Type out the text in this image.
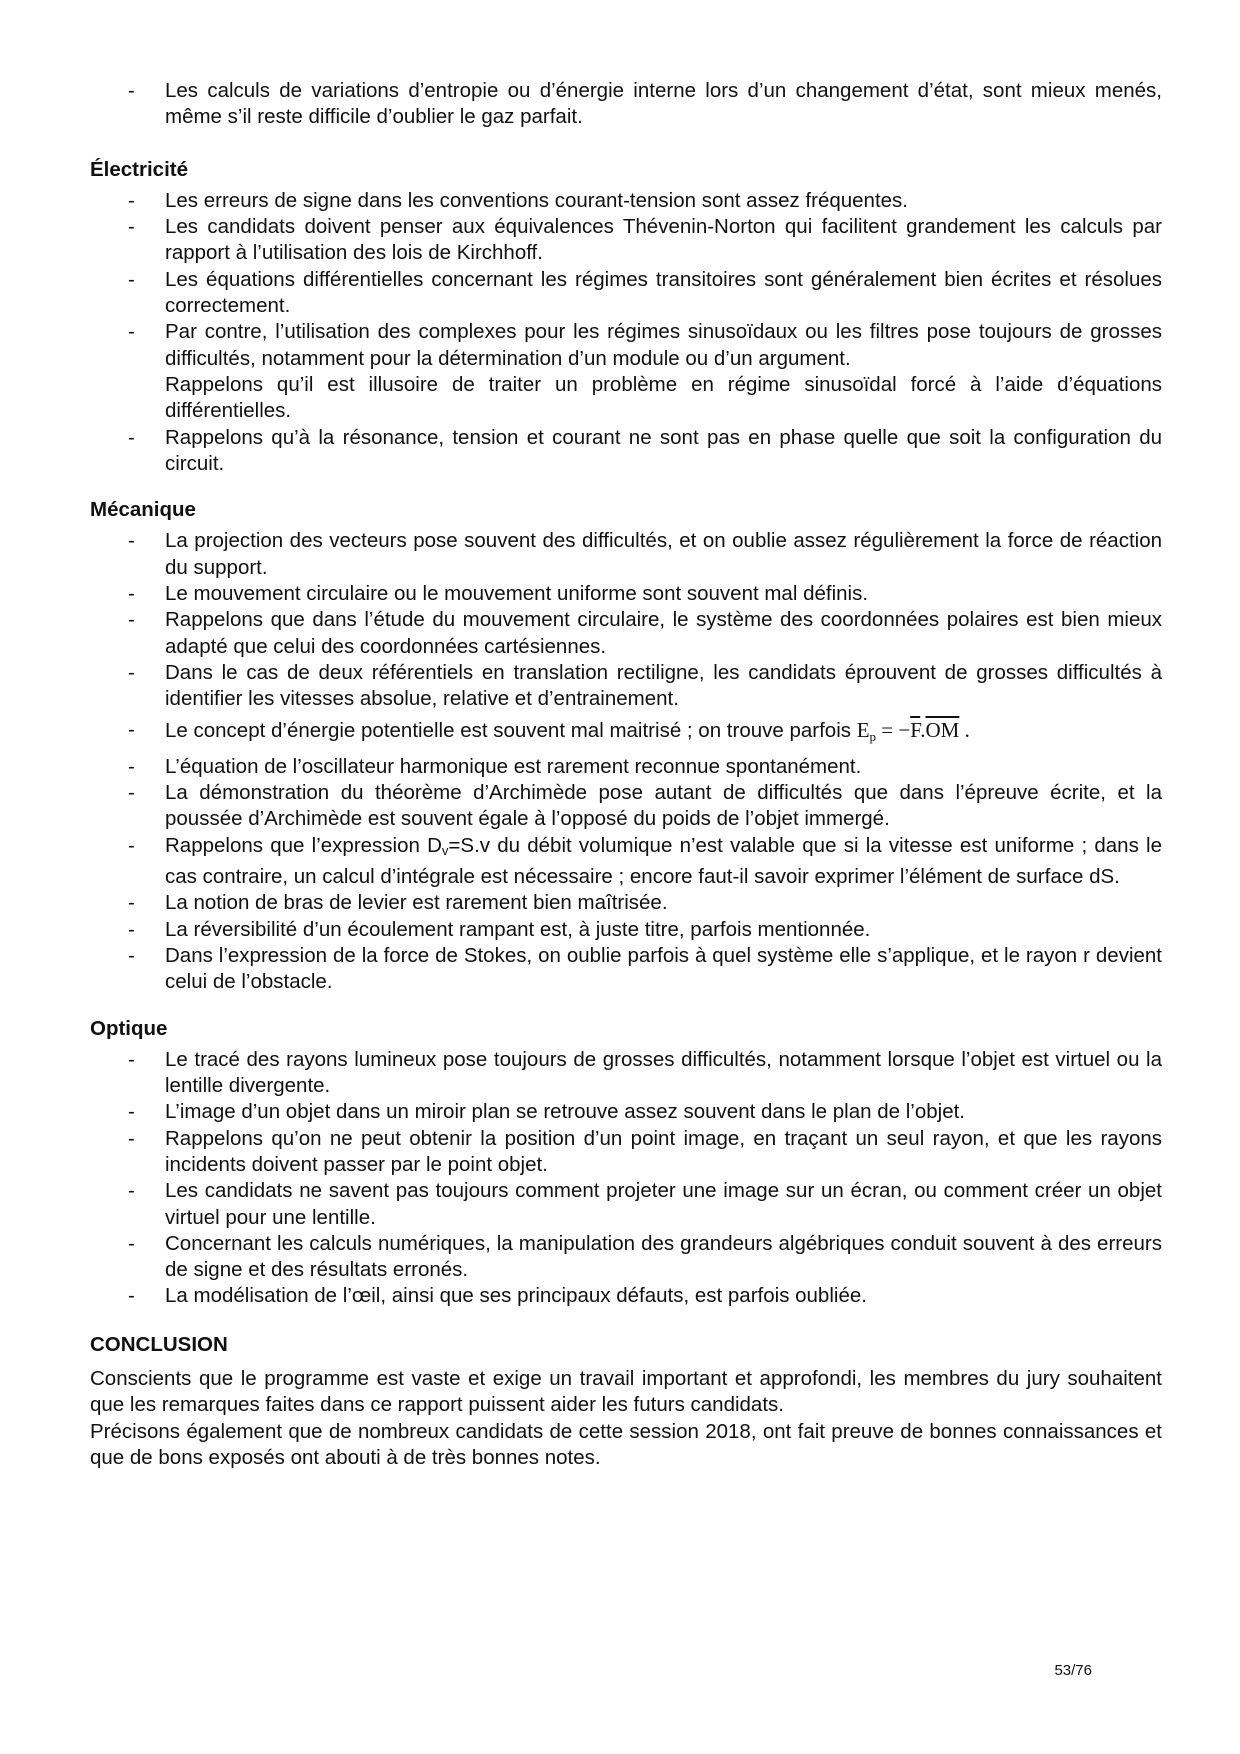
- Les calculs de variations d’entropie ou d’énergie interne lors d’un changement d’état, sont mieux menés, même s’il reste difficile d’oublier le gaz parfait.
Électricité
- Les erreurs de signe dans les conventions courant-tension sont assez fréquentes.
- Les candidats doivent penser aux équivalences Thévenin-Norton qui facilitent grandement les calculs par rapport à l’utilisation des lois de Kirchhoff.
- Les équations différentielles concernant les régimes transitoires sont généralement bien écrites et résolues correctement.
- Par contre, l’utilisation des complexes pour les régimes sinusoïdaux ou les filtres pose toujours de grosses difficultés, notamment pour la détermination d’un module ou d’un argument.
Rappelons qu’il est illusoire de traiter un problème en régime sinusoïdal forcé à l’aide d’équations différentielles.
- Rappelons qu’à la résonance, tension et courant ne sont pas en phase quelle que soit la configuration du circuit.
Mécanique
- La projection des vecteurs pose souvent des difficultés, et on oublie assez régulièrement la force de réaction du support.
- Le mouvement circulaire ou le mouvement uniforme sont souvent mal définis.
- Rappelons que dans l’étude du mouvement circulaire, le système des coordonnées polaires est bien mieux adapté que celui des coordonnées cartésiennes.
- Dans le cas de deux référentiels en translation rectiligne, les candidats éprouvent de grosses difficultés à identifier les vitesses absolue, relative et d’entrainement.
- Le concept d’énergie potentielle est souvent mal maitrisé ; on trouve parfois $E_p = -\overline{F}.\overline{OM}$ .
- L’équation de l’oscillateur harmonique est rarement reconnue spontanément.
- La démonstration du théorème d’Archimède pose autant de difficultés que dans l’épreuve écrite, et la poussée d’Archimède est souvent égale à l’opposé du poids de l’objet immergé.
- Rappelons que l’expression Dv=S.v du débit volumique n’est valable que si la vitesse est uniforme ; dans le cas contraire, un calcul d’intégrale est nécessaire ; encore faut-il savoir exprimer l’élément de surface dS.
- La notion de bras de levier est rarement bien maîtrisée.
- La réversibilité d’un écoulement rampant est, à juste titre, parfois mentionnée.
- Dans l’expression de la force de Stokes, on oublie parfois à quel système elle s’applique, et le rayon r devient celui de l’obstacle.
Optique
- Le tracé des rayons lumineux pose toujours de grosses difficultés, notamment lorsque l’objet est virtuel ou la lentille divergente.
- L’image d’un objet dans un miroir plan se retrouve assez souvent dans le plan de l’objet.
- Rappelons qu’on ne peut obtenir la position d’un point image, en traçant un seul rayon, et que les rayons incidents doivent passer par le point objet.
- Les candidats ne savent pas toujours comment projeter une image sur un écran, ou comment créer un objet virtuel pour une lentille.
- Concernant les calculs numériques, la manipulation des grandeurs algébriques conduit souvent à des erreurs de signe et des résultats erronés.
- La modélisation de l’œil, ainsi que ses principaux défauts, est parfois oubliée.
CONCLUSION

Conscients que le programme est vaste et exige un travail important et approfondi, les membres du jury souhaitent que les remarques faites dans ce rapport puissent aider les futurs candidats.

Précisons également que de nombreux candidats de cette session 2018, ont fait preuve de bonnes connaissances et que de bons exposés ont abouti à de très bonnes notes.

53/76
